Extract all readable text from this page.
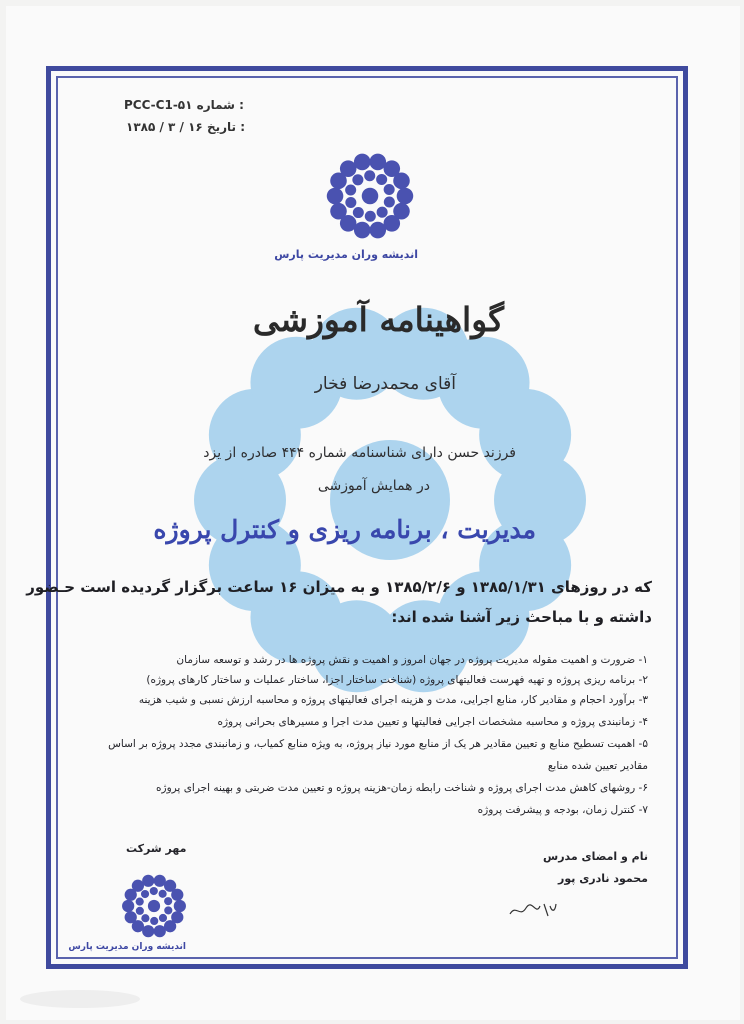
PCC-C1-۵۱ شماره :
۱۳۸۵ / ۳ / ۱۶ تاریخ :
اندیشه وران مدیریت پارس
گواهینامه آموزشی
آقای محمدرضا فخار
فرزند حسن دارای شناسنامه شماره ۴۴۴ صادره از یزد
در همایش آموزشی
مدیریت ، برنامه ریزی و کنترل پروژه
که در روزهای ۱۳۸۵/۱/۳۱ و ۱۳۸۵/۲/۶ و به میزان ۱۶ ساعت برگزار گردیده است حـضور
داشته و با مباحث زیر آشنا شده اند:
۱- ضرورت و اهمیت مقوله مدیریت پروژه در جهان امروز و اهمیت و نقش پروژه ها در رشد و توسعه سازمان
۲- برنامه ریزی پروژه و تهیه فهرست فعالیتهای پروژه (شناخت ساختار اجزا، ساختار عملیات و ساختار کارهای پروژه)
۳- برآورد احجام و مقادیر کار، منابع اجرایی، مدت و هزینه اجرای فعالیتهای پروژه و محاسبه ارزش نسبی و شیب هزینه
۴- زمانبندی پروژه و محاسبه مشخصات اجرایی فعالیتها و تعیین مدت اجرا و مسیرهای بحرانی پروژه
۵- اهمیت تسطیح منابع و تعیین مقادیر هر یک از منابع مورد نیاز پروژه، به ویژه منابع کمیاب، و زمانبندی مجدد پروژه بر اساس
مقادیر تعیین شده منابع
۶- روشهای کاهش مدت اجرای پروژه و شناخت رابطه زمان-هزینه پروژه و تعیین مدت ضربتی و بهینه اجرای پروژه
۷- کنترل زمان، بودجه و پیشرفت پروژه
نام و امضای مدرس
محمود نادری پور
مهر شرکت
اندیشه وران مدیریت پارس
